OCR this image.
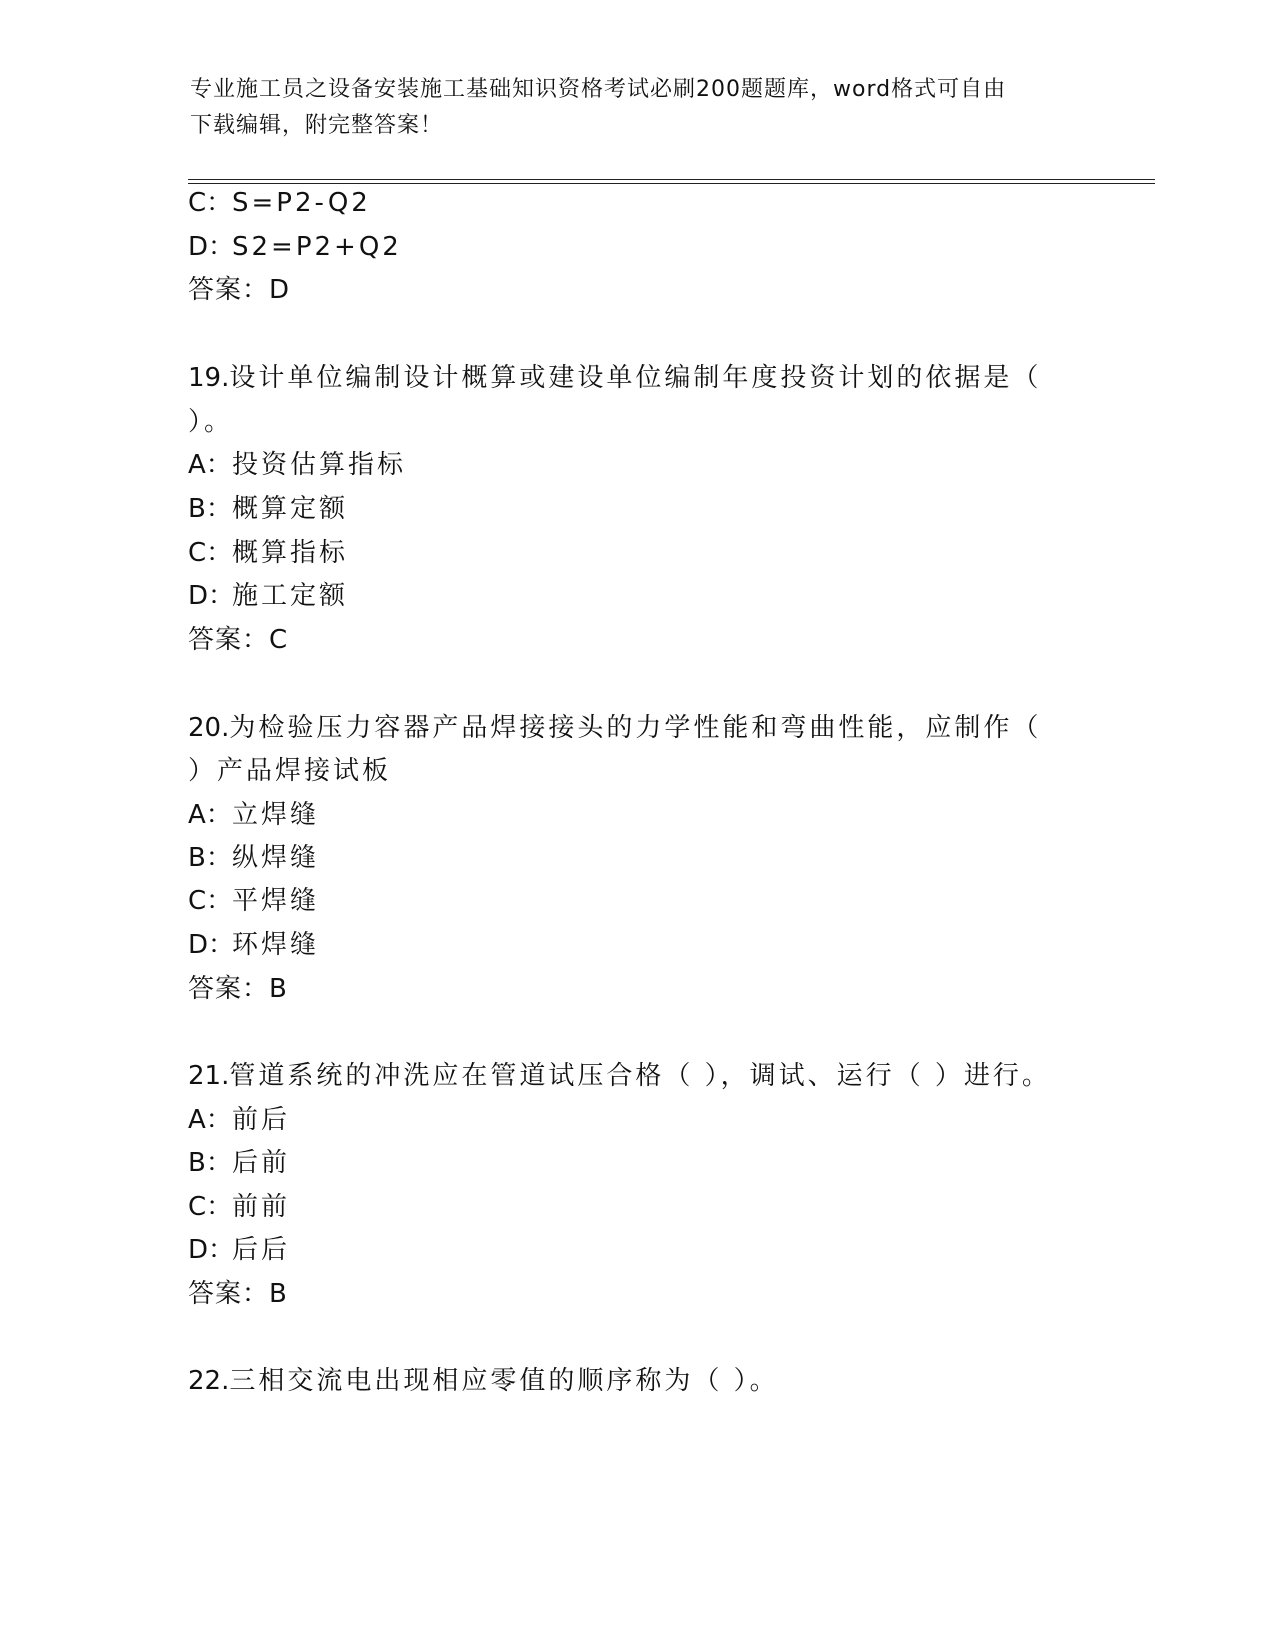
专业施工员之设备安装施工基础知识资格考试必刷200题题库，word格式可自由
下载编辑，附完整答案！
C：S=P2-Q2
D：S2=P2+Q2
答案：D
19.设计单位编制设计概算或建设单位编制年度投资计划的依据是（
）。
A：投资估算指标
B：概算定额
C：概算指标
D：施工定额
答案：C
20.为检验压力容器产品焊接接头的力学性能和弯曲性能，应制作（
）产品焊接试板
A：立焊缝
B：纵焊缝
C：平焊缝
D：环焊缝
答案：B
21.管道系统的冲洗应在管道试压合格（ ），调试、运行（ ）进行。
A：前后
B：后前
C：前前
D：后后
答案：B
22.三相交流电出现相应零值的顺序称为（ ）。
